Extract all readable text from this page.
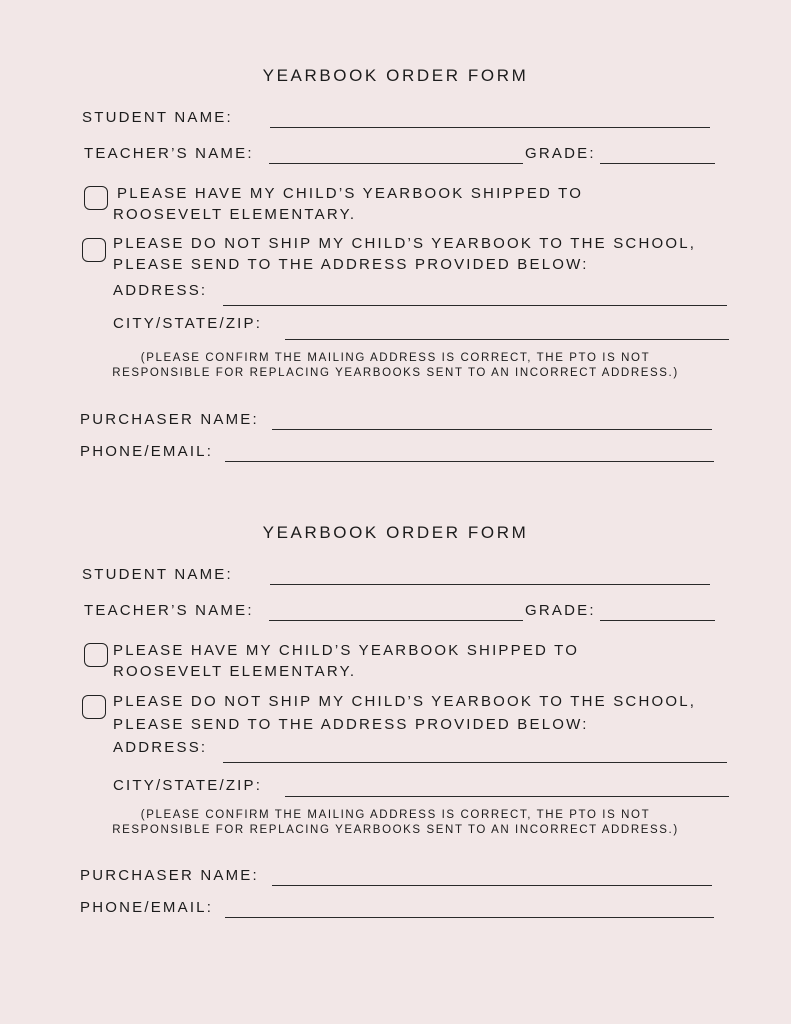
YEARBOOK ORDER FORM
STUDENT NAME:
TEACHER’S NAME:	GRADE:
PLEASE HAVE MY CHILD’S YEARBOOK SHIPPED TO
ROOSEVELT ELEMENTARY.
PLEASE DO NOT SHIP MY CHILD’S YEARBOOK TO THE SCHOOL,
PLEASE SEND TO THE ADDRESS PROVIDED BELOW:
ADDRESS:
CITY/STATE/ZIP:
(PLEASE CONFIRM THE MAILING ADDRESS IS CORRECT, THE PTO IS NOT
RESPONSIBLE FOR REPLACING YEARBOOKS SENT TO AN INCORRECT ADDRESS.)
PURCHASER NAME:
PHONE/EMAIL:
YEARBOOK ORDER FORM
STUDENT NAME:
TEACHER’S NAME:	GRADE:
PLEASE HAVE MY CHILD’S YEARBOOK SHIPPED TO
ROOSEVELT ELEMENTARY.
PLEASE DO NOT SHIP MY CHILD’S YEARBOOK TO THE SCHOOL,
PLEASE SEND TO THE ADDRESS PROVIDED BELOW:
ADDRESS:
CITY/STATE/ZIP:
(PLEASE CONFIRM THE MAILING ADDRESS IS CORRECT, THE PTO IS NOT
RESPONSIBLE FOR REPLACING YEARBOOKS SENT TO AN INCORRECT ADDRESS.)
PURCHASER NAME:
PHONE/EMAIL:
